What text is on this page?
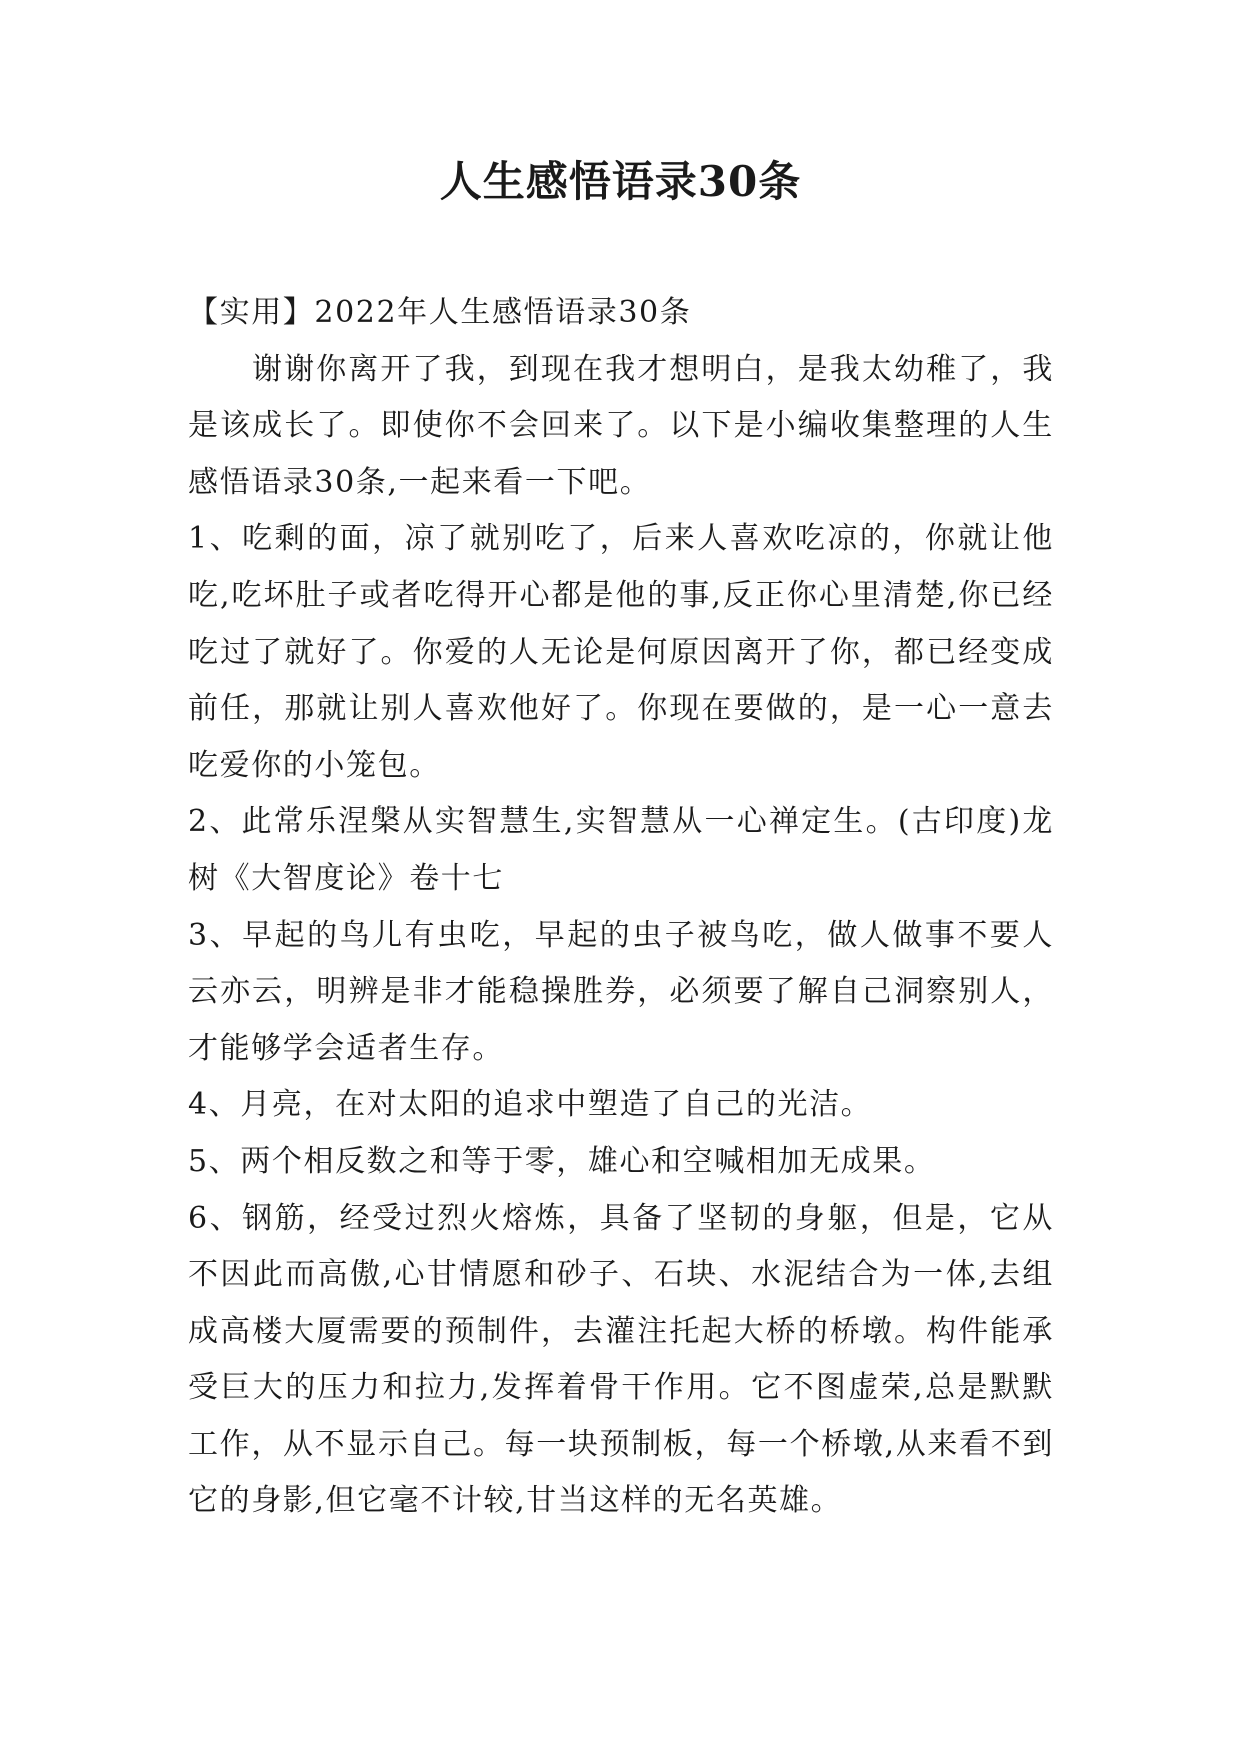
人生感悟语录30条

【实用】2022年人生感悟语录30条

谢谢你离开了我，到现在我才想明白，是我太幼稚了，我是该成长了。即使你不会回来了。以下是小编收集整理的人生感悟语录30条,一起来看一下吧。

1、吃剩的面，凉了就别吃了，后来人喜欢吃凉的，你就让他吃,吃坏肚子或者吃得开心都是他的事,反正你心里清楚,你已经吃过了就好了。你爱的人无论是何原因离开了你，都已经变成前任，那就让别人喜欢他好了。你现在要做的，是一心一意去吃爱你的小笼包。

2、此常乐涅槃从实智慧生,实智慧从一心禅定生。(古印度)龙树《大智度论》卷十七

3、早起的鸟儿有虫吃，早起的虫子被鸟吃，做人做事不要人云亦云，明辨是非才能稳操胜券，必须要了解自己洞察别人，才能够学会适者生存。

4、月亮，在对太阳的追求中塑造了自己的光洁。

5、两个相反数之和等于零，雄心和空喊相加无成果。

6、钢筋，经受过烈火熔炼，具备了坚韧的身躯，但是，它从不因此而高傲,心甘情愿和砂子、石块、水泥结合为一体,去组成高楼大厦需要的预制件，去灌注托起大桥的桥墩。构件能承受巨大的压力和拉力,发挥着骨干作用。它不图虚荣,总是默默工作，从不显示自己。每一块预制板，每一个桥墩,从来看不到它的身影,但它毫不计较,甘当这样的无名英雄。
